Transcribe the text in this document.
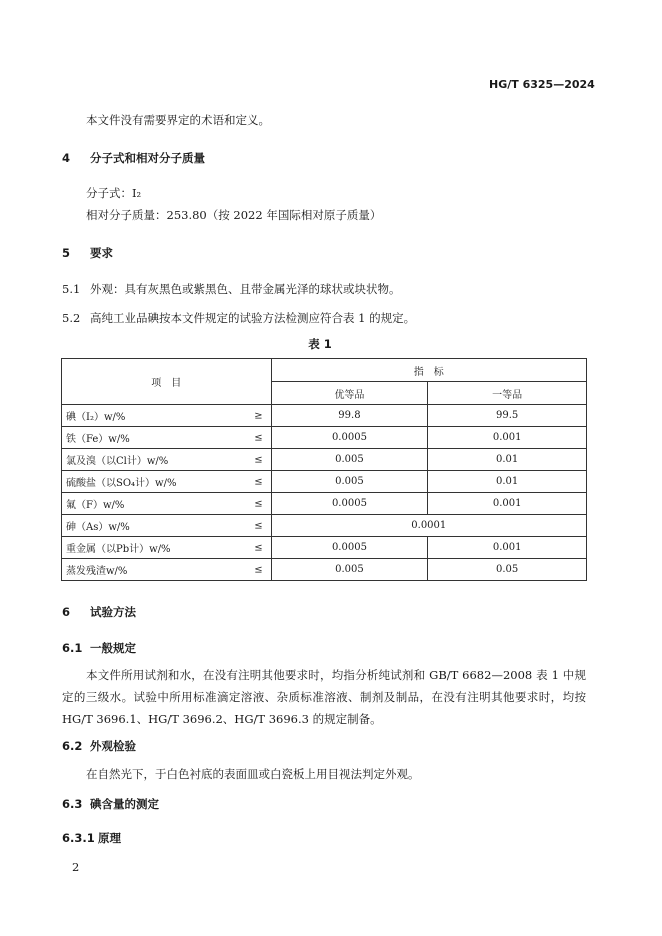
HG/T 6325—2024
本文件没有需要界定的术语和定义。
4 分子式和相对分子质量
分子式：I₂
相对分子质量：253.80（按 2022 年国际相对原子质量）
5 要求
5.1 外观：具有灰黑色或紫黑色、且带金属光泽的球状或块状物。
5.2 高纯工业品碘按本文件规定的试验方法检测应符合表 1 的规定。
表 1
项　目	指　标	
	优等品	一等品
碘（I₂）w/% ≥	99.8	99.5
铁（Fe）w/% ≤	0.0005	0.001
氯及溴（以Cl计）w/% ≤	0.005	0.01
硫酸盐（以SO₄计）w/% ≤	0.005	0.01
氟（F）w/% ≤	0.0005	0.001
砷（As）w/% ≤	0.0001	
重金属（以Pb计）w/% ≤	0.0005	0.001
蒸发残渣w/% ≤	0.005	0.05
6 试验方法
6.1 一般规定
本文件所用试剂和水，在没有注明其他要求时，均指分析纯试剂和 GB/T 6682—2008 表 1 中规定的三级水。试验中所用标准滴定溶液、杂质标准溶液、制剂及制品，在没有注明其他要求时，均按 HG/T 3696.1、HG/T 3696.2、HG/T 3696.3 的规定制备。
6.2 外观检验
在自然光下，于白色衬底的表面皿或白瓷板上用目视法判定外观。
6.3 碘含量的测定
6.3.1 原理
2
